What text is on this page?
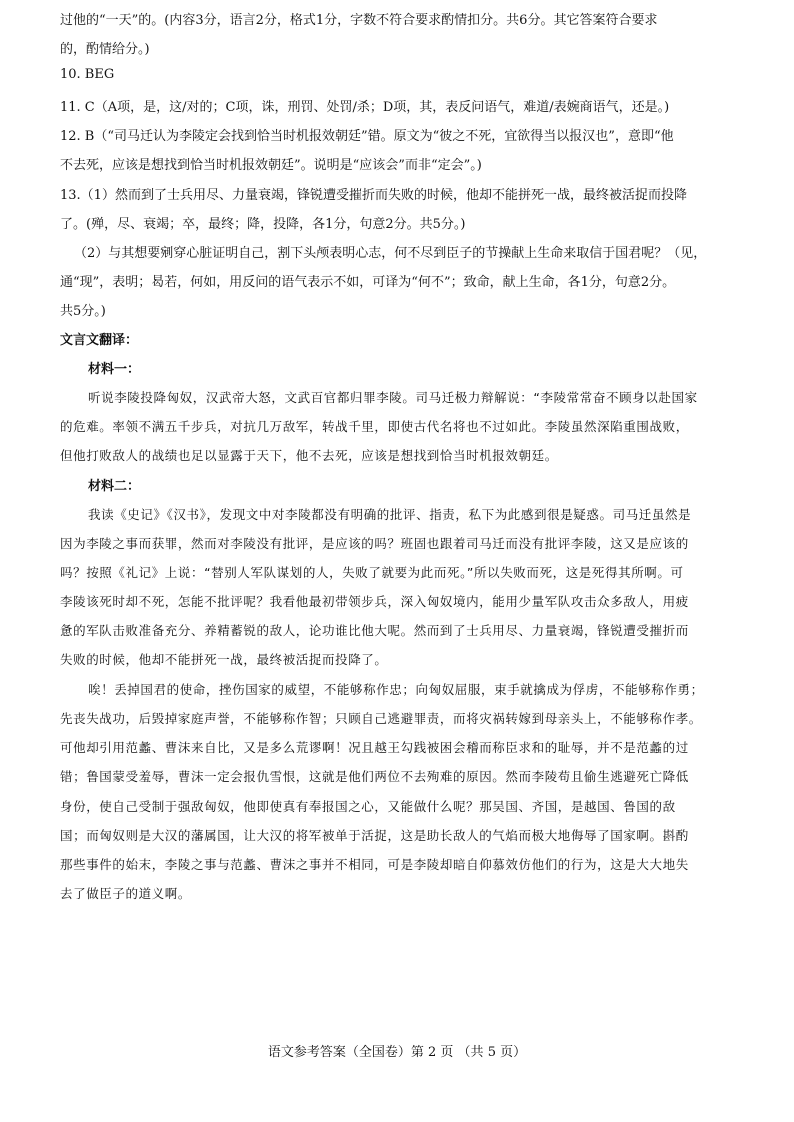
过他的“一天”的。(内容3分，语言2分，格式1分，字数不符合要求酌情扣分。共6分。其它答案符合要求
的，酌情给分。)
10. BEG
11. C（A项，是，这/对的；C项，诛，刑罚、处罚/杀；D项，其，表反问语气，难道/表婉商语气，还是。)
12. B（“司马迁认为李陵定会找到恰当时机报效朝廷”错。原文为“彼之不死，宜欲得当以报汉也”，意即“他
不去死，应该是想找到恰当时机报效朝廷”。说明是“应该会”而非“定会”。)
13.（1）然而到了士兵用尽、力量衰竭，锋锐遭受摧折而失败的时候，他却不能拼死一战，最终被活捉而投降
了。(殚，尽、衰竭；卒，最终；降，投降，各1分，句意2分。共5分。)
（2）与其想要剜穿心脏证明自己，割下头颅表明心志，何不尽到臣子的节操献上生命来取信于国君呢？（见，
通“现”，表明；曷若，何如，用反问的语气表示不如，可译为“何不”；致命，献上生命，各1分，句意2分。
共5分。)
文言文翻译：
材料一：
听说李陵投降匈奴，汉武帝大怒，文武百官都归罪李陵。司马迁极力辩解说：“李陵常常奋不顾身以赴国家
的危难。率领不满五千步兵，对抗几万敌军，转战千里，即使古代名将也不过如此。李陵虽然深陷重围战败，
但他打败敌人的战绩也足以显露于天下，他不去死，应该是想找到恰当时机报效朝廷。
材料二：
我读《史记》《汉书》，发现文中对李陵都没有明确的批评、指责，私下为此感到很是疑惑。司马迁虽然是
因为李陵之事而获罪，然而对李陵没有批评，是应该的吗？班固也跟着司马迁而没有批评李陵，这又是应该的
吗？按照《礼记》上说：“替别人军队谋划的人，失败了就要为此而死。”所以失败而死，这是死得其所啊。可
李陵该死时却不死，怎能不批评呢？我看他最初带领步兵，深入匈奴境内，能用少量军队攻击众多敌人，用疲
惫的军队击败准备充分、养精蓄锐的敌人，论功谁比他大呢。然而到了士兵用尽、力量衰竭，锋锐遭受摧折而
失败的时候，他却不能拼死一战，最终被活捉而投降了。
唉！丢掉国君的使命，挫伤国家的威望，不能够称作忠；向匈奴屈服，束手就擒成为俘虏，不能够称作勇；
先丧失战功，后毁掉家庭声誉，不能够称作智；只顾自己逃避罪责，而将灾祸转嫁到母亲头上，不能够称作孝。
可他却引用范蠡、曹沫来自比，又是多么荒谬啊！况且越王勾践被困会稽而称臣求和的耻辱，并不是范蠡的过
错；鲁国蒙受羞辱，曹沫一定会报仇雪恨，这就是他们两位不去殉难的原因。然而李陵苟且偷生逃避死亡降低
身份，使自己受制于强敌匈奴，他即使真有奉报国之心，又能做什么呢？那吴国、齐国，是越国、鲁国的敌
国；而匈奴则是大汉的藩属国，让大汉的将军被单于活捉，这是助长敌人的气焰而极大地侮辱了国家啊。斟酌
那些事件的始末，李陵之事与范蠡、曹沫之事并不相同，可是李陵却暗自仰慕效仿他们的行为，这是大大地失
去了做臣子的道义啊。
语文参考答案（全国卷）第 2 页 （共 5 页）
